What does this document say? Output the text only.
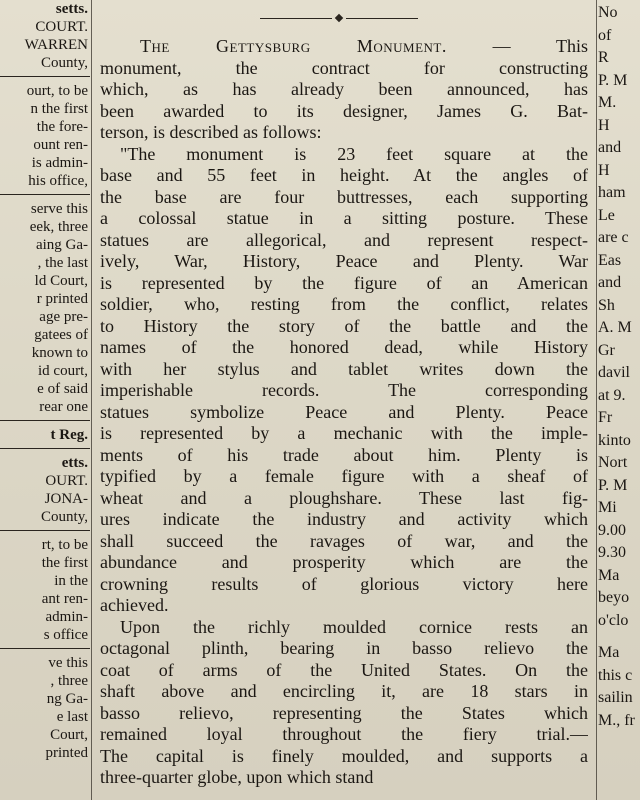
setts.
COURT.
WARREN
County,
ourt, to be
n the first
the fore-
ount ren-
is admin-
his office,
serve this
eek, three
aing Ga-
, the last
ld Court,
r printed
age pre-
gatees of
known to
id court,
e of said
rear one
t Reg.
etts.
OURT.
JONA-
County,
rt, to be
the first
in the
ant ren-
admin-
s office
ve this
, three
ng Ga-
e last
Court,
printed
The Gettysburg Monument. — This
monument, the contract for constructing
which, as has already been announced, has
been awarded to its designer, James G. Bat-
terson, is described as follows:
"The monument is 23 feet square at the
base and 55 feet in height. At the angles of
the base are four buttresses, each supporting
a colossal statue in a sitting posture. These
statues are allegorical, and represent respect-
ively, War, History, Peace and Plenty. War
is represented by the figure of an American
soldier, who, resting from the conflict, relates
to History the story of the battle and the
names of the honored dead, while History
with her stylus and tablet writes down the
imperishable records. The corresponding
statues symbolize Peace and Plenty. Peace
is represented by a mechanic with the imple-
ments of his trade about him. Plenty is
typified by a female figure with a sheaf of
wheat and a ploughshare. These last fig-
ures indicate the industry and activity which
shall succeed the ravages of war, and the
abundance and prosperity which are the
crowning results of glorious victory here
achieved.
Upon the richly moulded cornice rests an
octagonal plinth, bearing in basso relievo the
coat of arms of the United States. On the
shaft above and encircling it, are 18 stars in
basso relievo, representing the States which
remained loyal throughout the fiery trial.—
The capital is finely moulded, and supports a
three-quarter globe, upon which stand
No
of
R
P. M
M.
H
and
H
ham
Le
are c
Eas
and
Sh
A. M
Gr
davil
at 9.
Fr
kinto
Nort
P. M
Mi
9.00
9.30
Ma
beyo
o'clo
Ma
this c
sailin
M., fr
